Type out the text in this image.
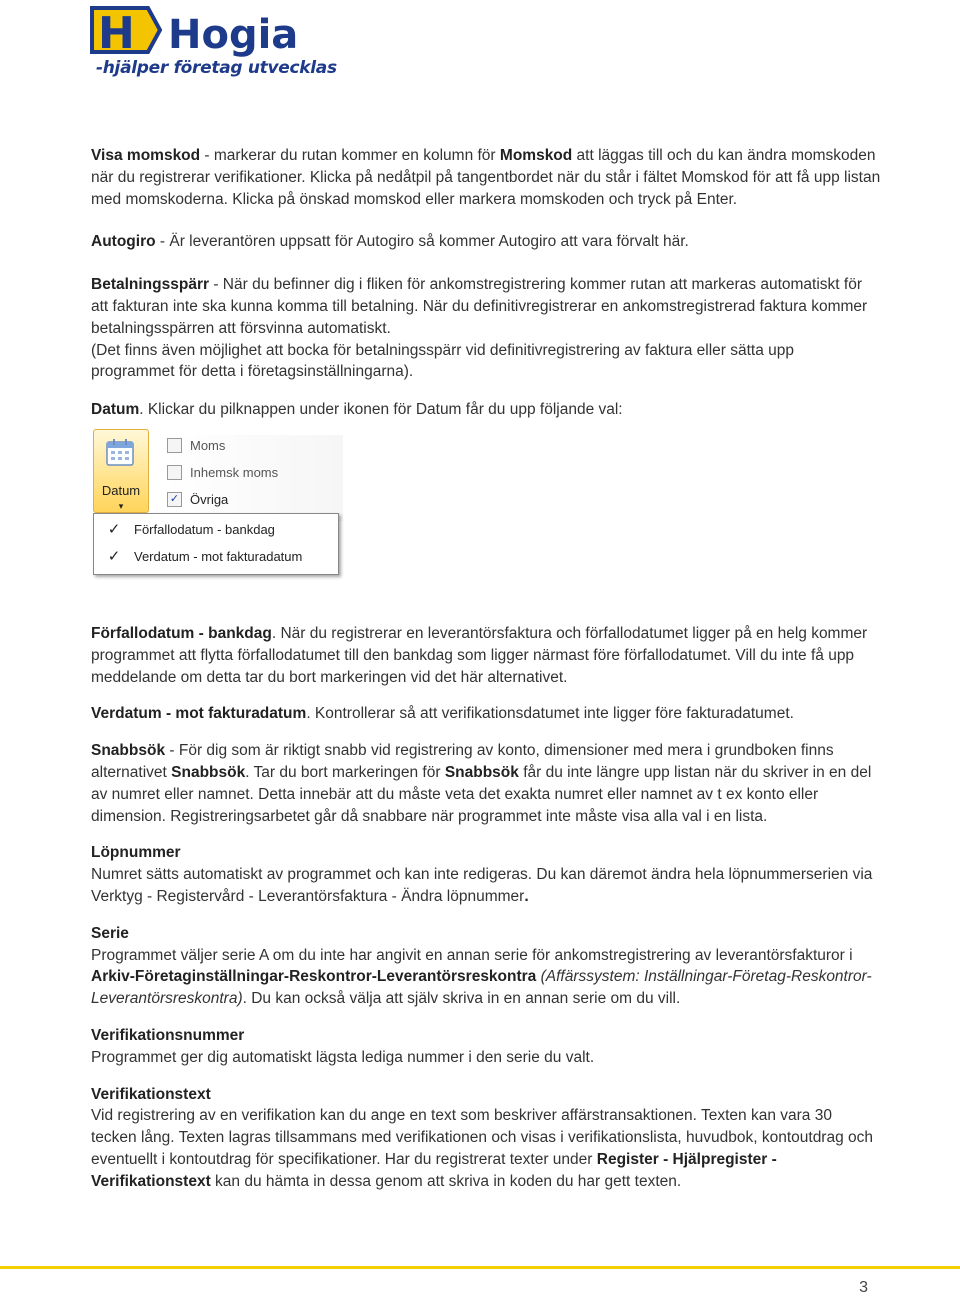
H Hogia
-hjälper företag utvecklas

Visa momskod - markerar du rutan kommer en kolumn för Momskod att läggas till och du kan ändra momskoden när du registrerar verifikationer. Klicka på nedåtpil på tangentbordet när du står i fältet Momskod för att få upp listan med momskoderna. Klicka på önskad momskod eller markera momskoden och tryck på Enter.

Autogiro - Är leverantören uppsatt för Autogiro så kommer Autogiro att vara förvalt här.

Betalningsspärr - När du befinner dig i fliken för ankomstregistrering kommer rutan att markeras automatiskt för att fakturan inte ska kunna komma till betalning. När du definitivregistrerar en ankomstregistrerad faktura kommer betalningsspärren att försvinna automatiskt.
(Det finns även möjlighet att bocka för betalningsspärr vid definitivregistrering av faktura eller sätta upp programmet för detta i företagsinställningarna).

Datum. Klickar du pilknappen under ikonen för Datum får du upp följande val:

Datum
▾
Moms
Inhemsk moms
✓ Övriga
✓	Förfallodatum - bankdag
✓	Verdatum - mot fakturadatum

Förfallodatum - bankdag. När du registrerar en leverantörsfaktura och förfallodatumet ligger på en helg kommer programmet att flytta förfallodatumet till den bankdag som ligger närmast före förfallodatumet. Vill du inte få upp meddelande om detta tar du bort markeringen vid det här alternativet.

Verdatum - mot fakturadatum. Kontrollerar så att verifikationsdatumet inte ligger före fakturadatumet.

Snabbsök - För dig som är riktigt snabb vid registrering av konto, dimensioner med mera i grundboken finns alternativet Snabbsök. Tar du bort markeringen för Snabbsök får du inte längre upp listan när du skriver in en del av numret eller namnet. Detta innebär att du måste veta det exakta numret eller namnet av t ex konto eller dimension. Registreringsarbetet går då snabbare när programmet inte måste visa alla val i en lista.

Löpnummer
Numret sätts automatiskt av programmet och kan inte redigeras. Du kan däremot ändra hela löpnummerserien via Verktyg - Registervård - Leverantörsfaktura - Ändra löpnummer.

Serie
Programmet väljer serie A om du inte har angivit en annan serie för ankomstregistrering av leverantörsfakturor i Arkiv-Företaginställningar-Reskontror-Leverantörsreskontra (Affärssystem: Inställningar-Företag-Reskontror-Leverantörsreskontra). Du kan också välja att själv skriva in en annan serie om du vill.

Verifikationsnummer
Programmet ger dig automatiskt lägsta lediga nummer i den serie du valt.

Verifikationstext
Vid registrering av en verifikation kan du ange en text som beskriver affärstransaktionen. Texten kan vara 30 tecken lång. Texten lagras tillsammans med verifikationen och visas i verifikationslista, huvudbok, kontoutdrag och eventuellt i kontoutdrag för specifikationer. Har du registrerat texter under Register - Hjälpregister - Verifikationstext kan du hämta in dessa genom att skriva in koden du har gett texten.

3
